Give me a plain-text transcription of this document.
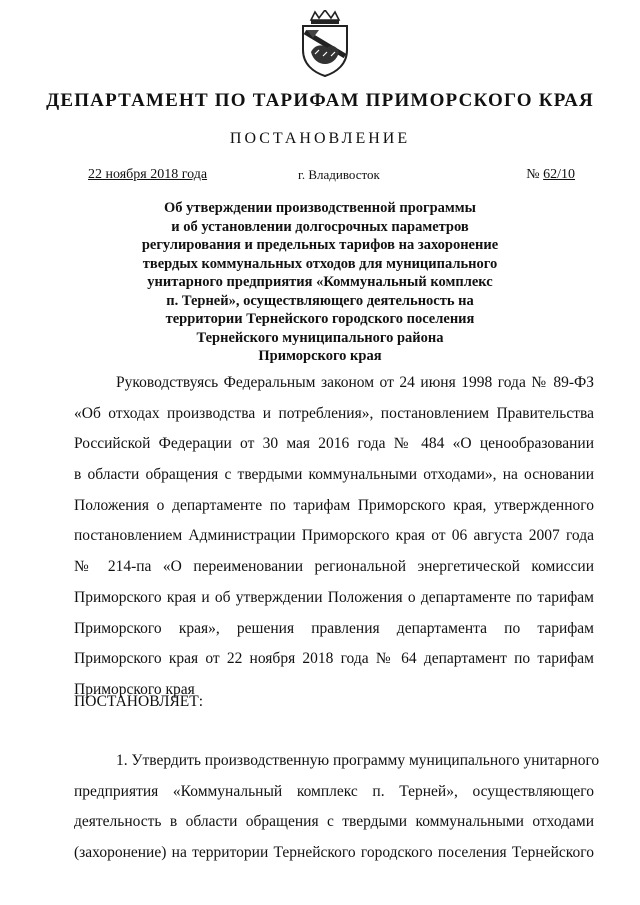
ДЕПАРТАМЕНТ ПО ТАРИФАМ ПРИМОРСКОГО КРАЯ
ПОСТАНОВЛЕНИЕ
22 ноября 2018 года	г. Владивосток	№ 62/10
Об утверждении производственной программы
и об установлении долгосрочных параметров
регулирования и предельных тарифов на захоронение
твердых коммунальных отходов для муниципального
унитарного предприятия «Коммунальный комплекс
п. Терней», осуществляющего деятельность на
территории Тернейского городского поселения
Тернейского муниципального района
Приморского края
Руководствуясь Федеральным законом от 24 июня 1998 года № 89-ФЗ
«Об отходах производства и потребления», постановлением Правительства
Российской Федерации от 30 мая 2016 года № 484 «О ценообразовании
в области обращения с твердыми коммунальными отходами», на основании
Положения о департаменте по тарифам Приморского края, утвержденного
постановлением Администрации Приморского края от 06 августа 2007 года
№ 214-па «О переименовании региональной энергетической комиссии
Приморского края и об утверждении Положения о департаменте по тарифам
Приморского края», решения правления департамента по тарифам
Приморского края от 22 ноября 2018 года № 64 департамент по тарифам
Приморского края
ПОСТАНОВЛЯЕТ:
1. Утвердить производственную программу муниципального унитарного
предприятия «Коммунальный комплекс п. Терней», осуществляющего
деятельность в области обращения с твердыми коммунальными отходами
(захоронение) на территории Тернейского городского поселения Тернейского
